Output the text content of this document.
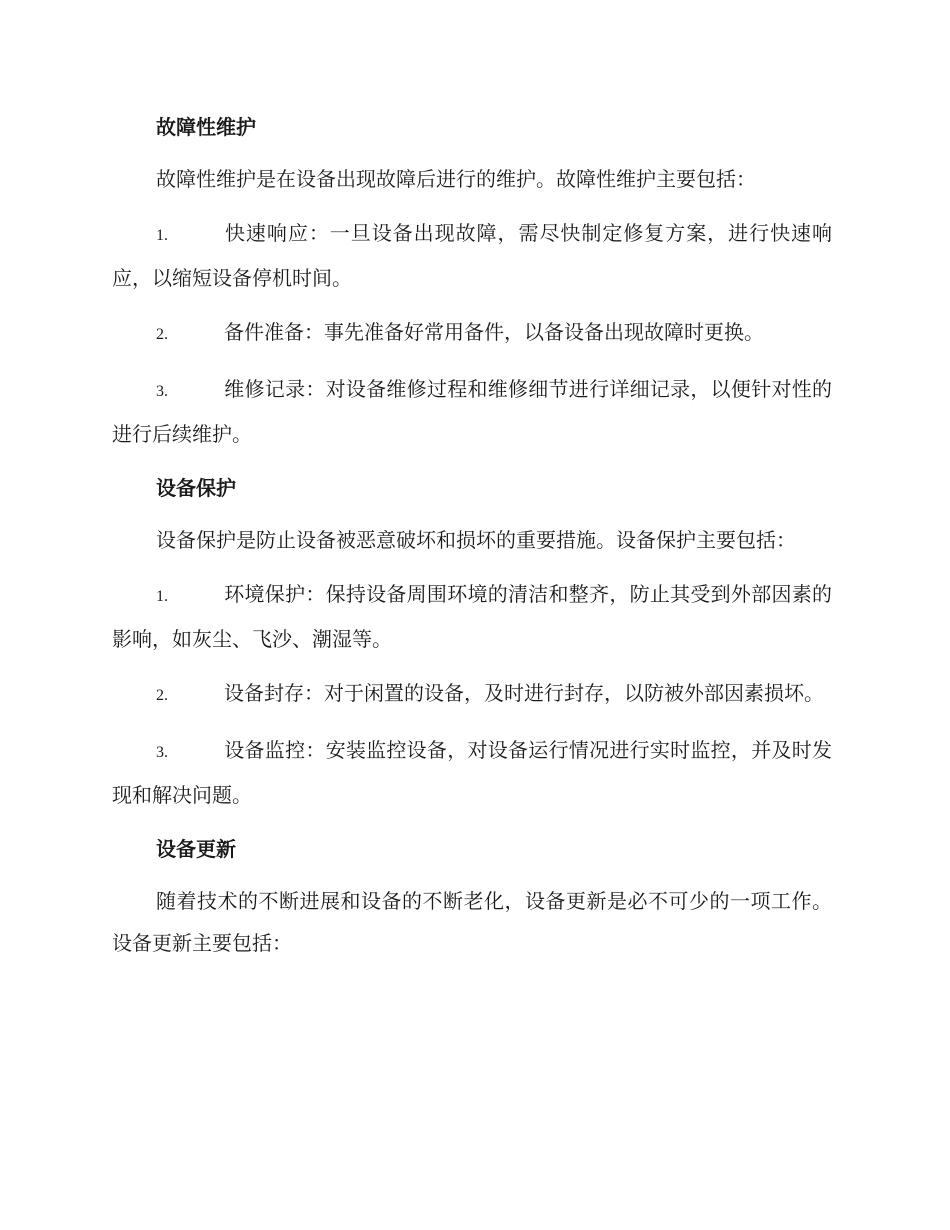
故障性维护
故障性维护是在设备出现故障后进行的维护。故障性维护主要包括：
1.	快速响应：一旦设备出现故障，需尽快制定修复方案，进行快速响应，以缩短设备停机时间。
2.	备件准备：事先准备好常用备件，以备设备出现故障时更换。
3.	维修记录：对设备维修过程和维修细节进行详细记录，以便针对性的进行后续维护。
设备保护
设备保护是防止设备被恶意破坏和损坏的重要措施。设备保护主要包括：
1.	环境保护：保持设备周围环境的清洁和整齐，防止其受到外部因素的影响，如灰尘、飞沙、潮湿等。
2.	设备封存：对于闲置的设备，及时进行封存，以防被外部因素损坏。
3.	设备监控：安装监控设备，对设备运行情况进行实时监控，并及时发现和解决问题。
设备更新
随着技术的不断进展和设备的不断老化，设备更新是必不可少的一项工作。设备更新主要包括：
